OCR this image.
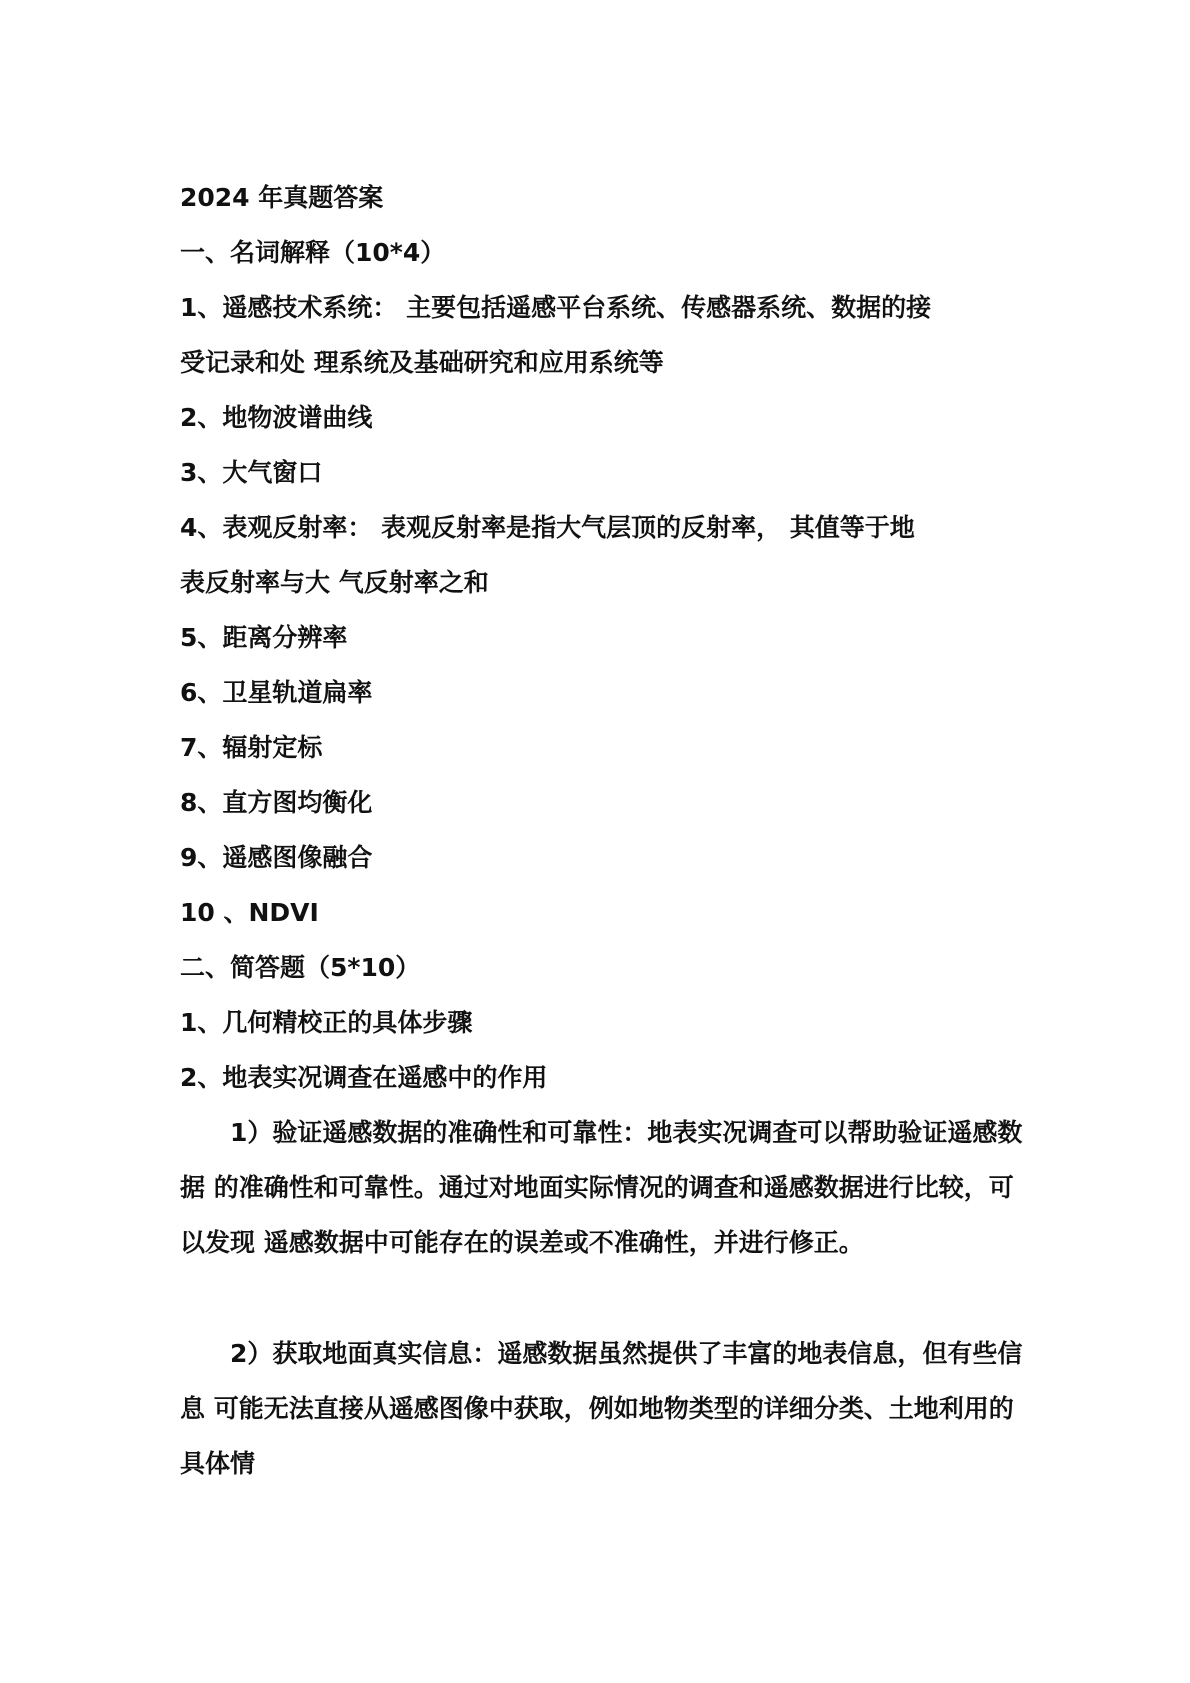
2024 年真题答案
一、名词解释（10*4）
1、遥感技术系统： 主要包括遥感平台系统、传感器系统、数据的接
受记录和处 理系统及基础研究和应用系统等
2、地物波谱曲线
3、大气窗口
4、表观反射率： 表观反射率是指大气层顶的反射率， 其值等于地
表反射率与大 气反射率之和
5、距离分辨率
6、卫星轨道扁率
7、辐射定标
8、直方图均衡化
9、遥感图像融合
10 、NDVI
二、简答题（5*10）
1、几何精校正的具体步骤
2、地表实况调查在遥感中的作用
1）验证遥感数据的准确性和可靠性：地表实况调查可以帮助验证遥感数据 的准确性和可靠性。通过对地面实际情况的调查和遥感数据进行比较，可以发现 遥感数据中可能存在的误差或不准确性，并进行修正。
2）获取地面真实信息：遥感数据虽然提供了丰富的地表信息，但有些信息 可能无法直接从遥感图像中获取，例如地物类型的详细分类、土地利用的具体情
